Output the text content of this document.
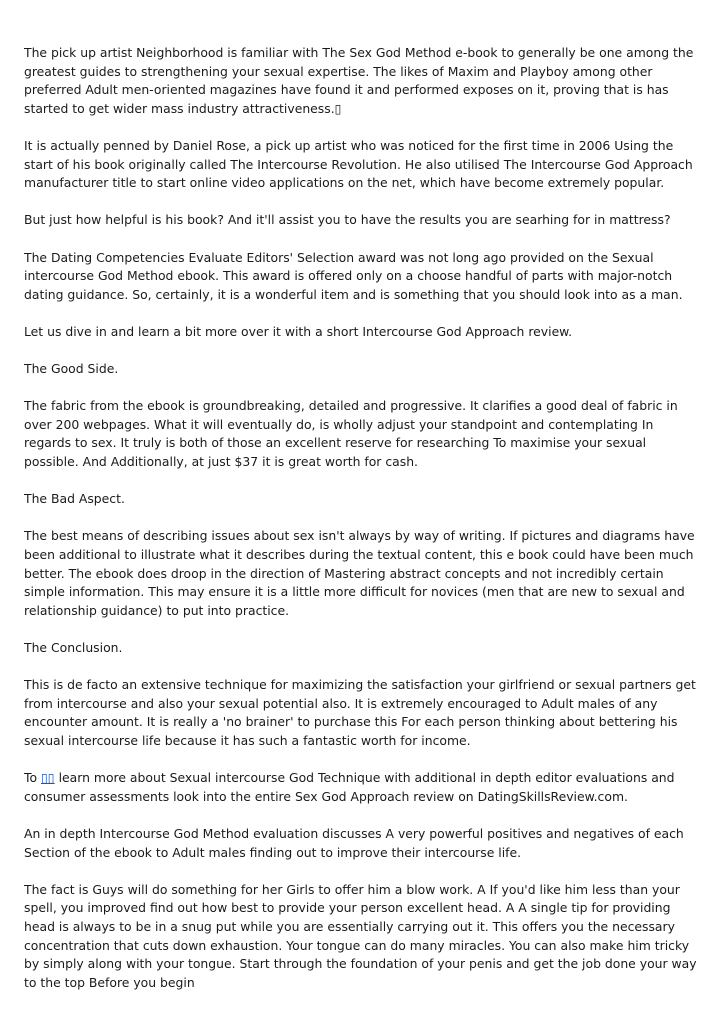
The pick up artist Neighborhood is familiar with The Sex God Method e-book to generally be one among the greatest guides to strengthening your sexual expertise. The likes of Maxim and Playboy among other preferred Adult men-oriented magazines have found it and performed exposes on it, proving that is has started to get wider mass industry attractiveness.▯

It is actually penned by Daniel Rose, a pick up artist who was noticed for the first time in 2006 Using the start of his book originally called The Intercourse Revolution. He also utilised The Intercourse God Approach manufacturer title to start online video applications on the net, which have become extremely popular.

But just how helpful is his book? And it'll assist you to have the results you are searhing for in mattress?

The Dating Competencies Evaluate Editors' Selection award was not long ago provided on the Sexual intercourse God Method ebook. This award is offered only on a choose handful of parts with major-notch dating guidance. So, certainly, it is a wonderful item and is something that you should look into as a man.

Let us dive in and learn a bit more over it with a short Intercourse God Approach review.

The Good Side.

The fabric from the ebook is groundbreaking, detailed and progressive. It clarifies a good deal of fabric in over 200 webpages. What it will eventually do, is wholly adjust your standpoint and contemplating In regards to sex. It truly is both of those an excellent reserve for researching To maximise your sexual possible. And Additionally, at just $37 it is great worth for cash.

The Bad Aspect.

The best means of describing issues about sex isn't always by way of writing. If pictures and diagrams have been additional to illustrate what it describes during the textual content, this e book could have been much better. The ebook does droop in the direction of Mastering abstract concepts and not incredibly certain simple information. This may ensure it is a little more difficult for novices (men that are new to sexual and relationship guidance) to put into practice.

The Conclusion.

This is de facto an extensive technique for maximizing the satisfaction your girlfriend or sexual partners get from intercourse and also your sexual potential also. It is extremely encouraged to Adult males of any encounter amount. It is really a 'no brainer' to purchase this For each person thinking about bettering his sexual intercourse life because it has such a fantastic worth for income.

To ▯▯ learn more about Sexual intercourse God Technique with additional in depth editor evaluations and consumer assessments look into the entire Sex God Approach review on DatingSkillsReview.com.

An in depth Intercourse God Method evaluation discusses A very powerful positives and negatives of each Section of the ebook to Adult males finding out to improve their intercourse life.

The fact is Guys will do something for her Girls to offer him a blow work. A If you'd like him less than your spell, you improved find out how best to provide your person excellent head. A A single tip for providing head is always to be in a snug put while you are essentially carrying out it. This offers you the necessary concentration that cuts down exhaustion. Your tongue can do many miracles. You can also make him tricky by simply along with your tongue. Start through the foundation of your penis and get the job done your way to the top Before you begin
